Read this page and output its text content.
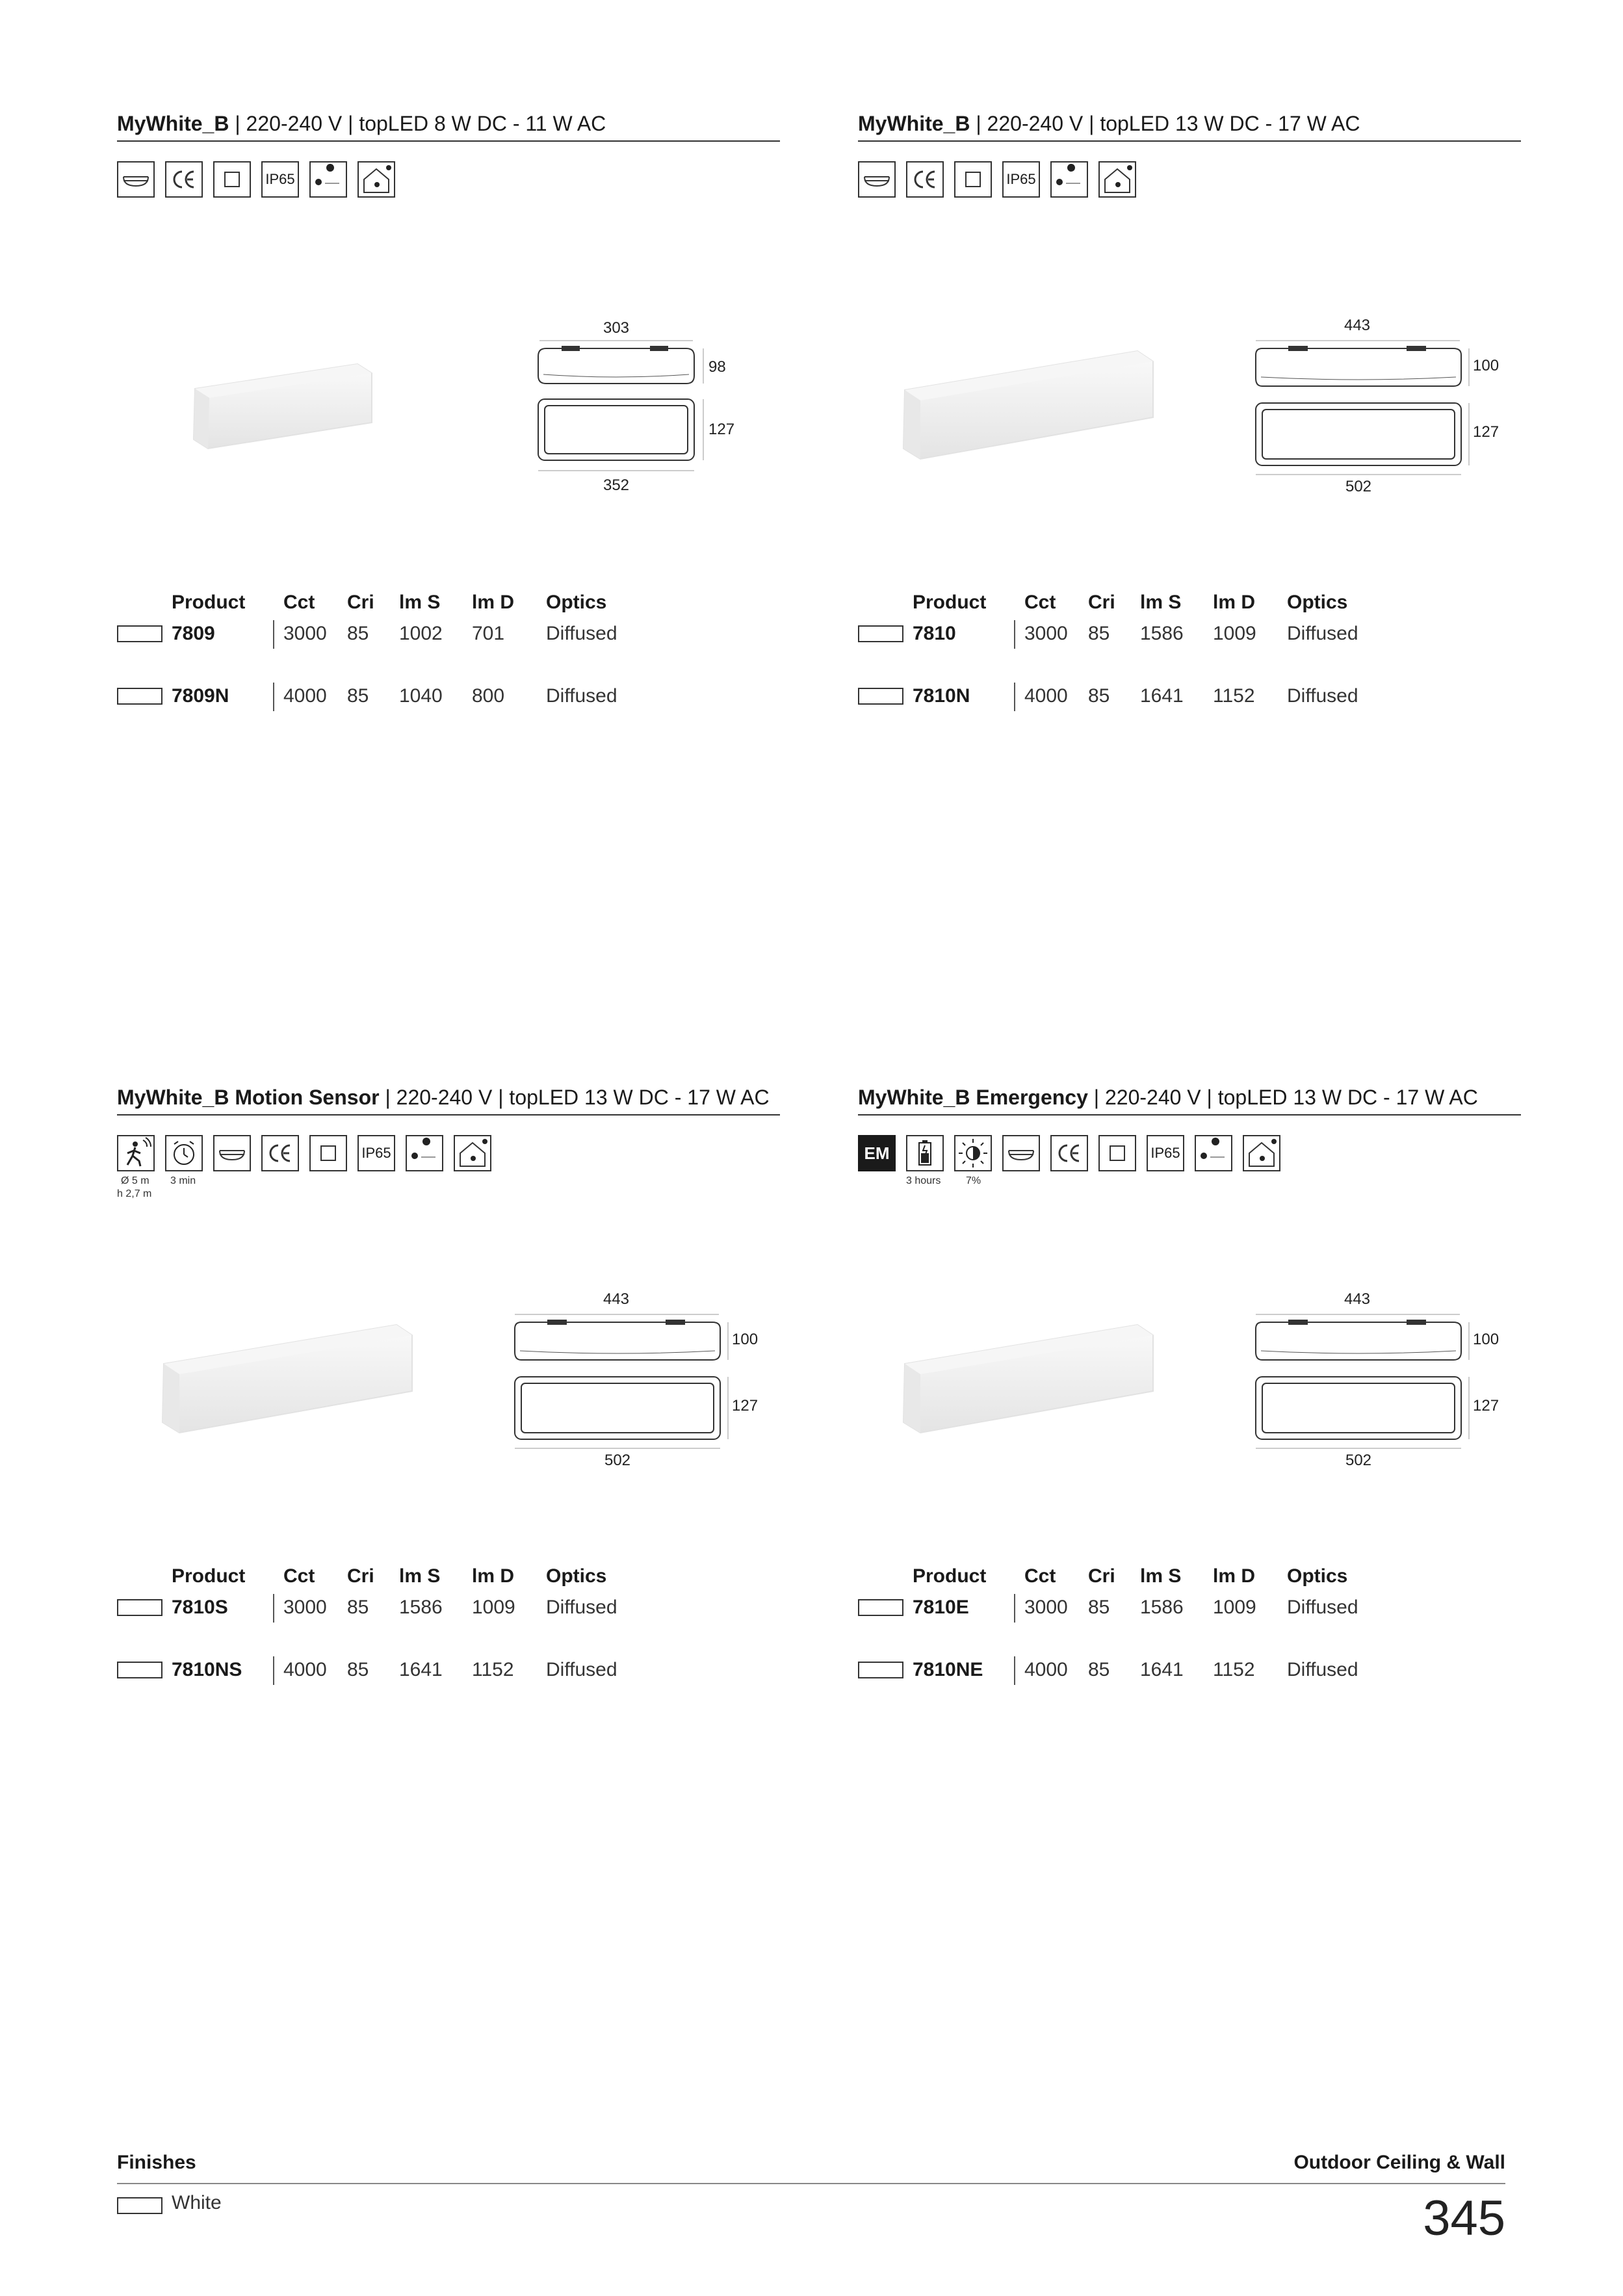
MyWhite_B | 220-240 V | topLED 8 W DC - 11 W AC
IP65
303
98
127
352
Product Cct Cri lm S lm D Optics
7809	3000 85 1002 701 Diffused
7809N	4000 85 1040 800 Diffused
MyWhite_B | 220-240 V | topLED 13 W DC - 17 W AC
IP65
443
100
127
502
Product Cct Cri lm S lm D Optics
7810	3000 85 1586 1009 Diffused
7810N	4000 85 1641 1152 Diffused
MyWhite_B Motion Sensor | 220-240 V | topLED 13 W DC - 17 W AC
IP65
Ø 5 m
h 2,7 m
3 min
443
100
127
502
Product Cct Cri lm S lm D Optics
7810S	3000 85 1586 1009 Diffused
7810NS 4000 85 1641 1152 Diffused
MyWhite_B Emergency | 220-240 V | topLED 13 W DC - 17 W AC
EM	IP65
3 hours 7%
443
100
127
502
Product Cct Cri lm S lm D Optics
7810E	3000 85 1586 1009 Diffused
7810NE 4000 85 1641 1152 Diffused
Finishes	Outdoor Ceiling & Wall
White	345
